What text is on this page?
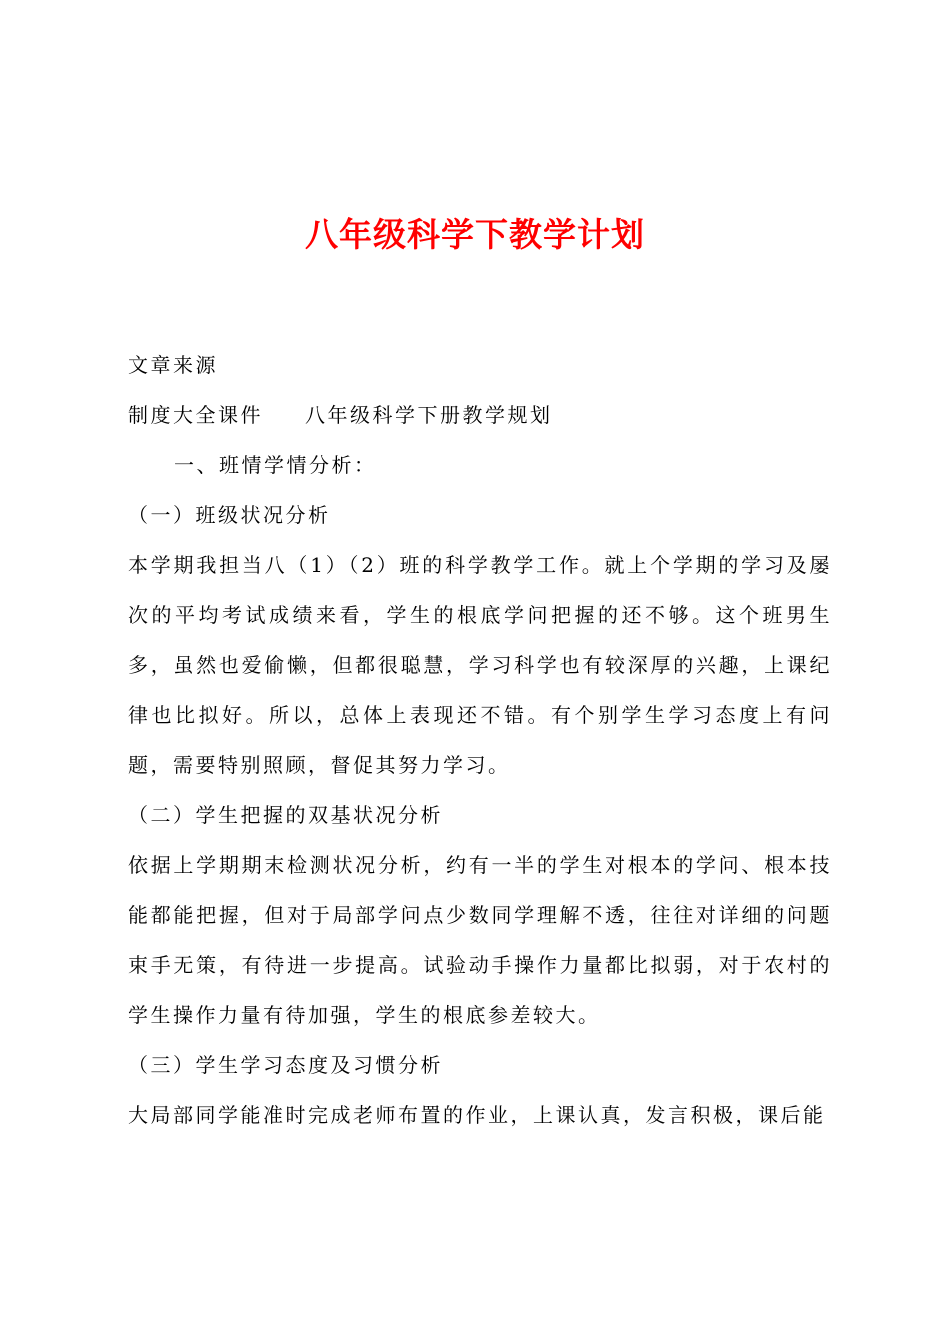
八年级科学下教学计划
文章来源
制度大全课件 八年级科学下册教学规划
一、班情学情分析：
（一）班级状况分析
本学期我担当八（1）（2）班的科学教学工作。就上个学期的学习及屡次的平均考试成绩来看，学生的根底学问把握的还不够。这个班男生多，虽然也爱偷懒，但都很聪慧，学习科学也有较深厚的兴趣，上课纪律也比拟好。所以，总体上表现还不错。有个别学生学习态度上有问题，需要特别照顾，督促其努力学习。
（二）学生把握的双基状况分析
依据上学期期末检测状况分析，约有一半的学生对根本的学问、根本技能都能把握，但对于局部学问点少数同学理解不透，往往对详细的问题束手无策，有待进一步提高。试验动手操作力量都比拟弱，对于农村的学生操作力量有待加强，学生的根底参差较大。
（三）学生学习态度及习惯分析
大局部同学能准时完成老师布置的作业，上课认真，发言积极，课后能
